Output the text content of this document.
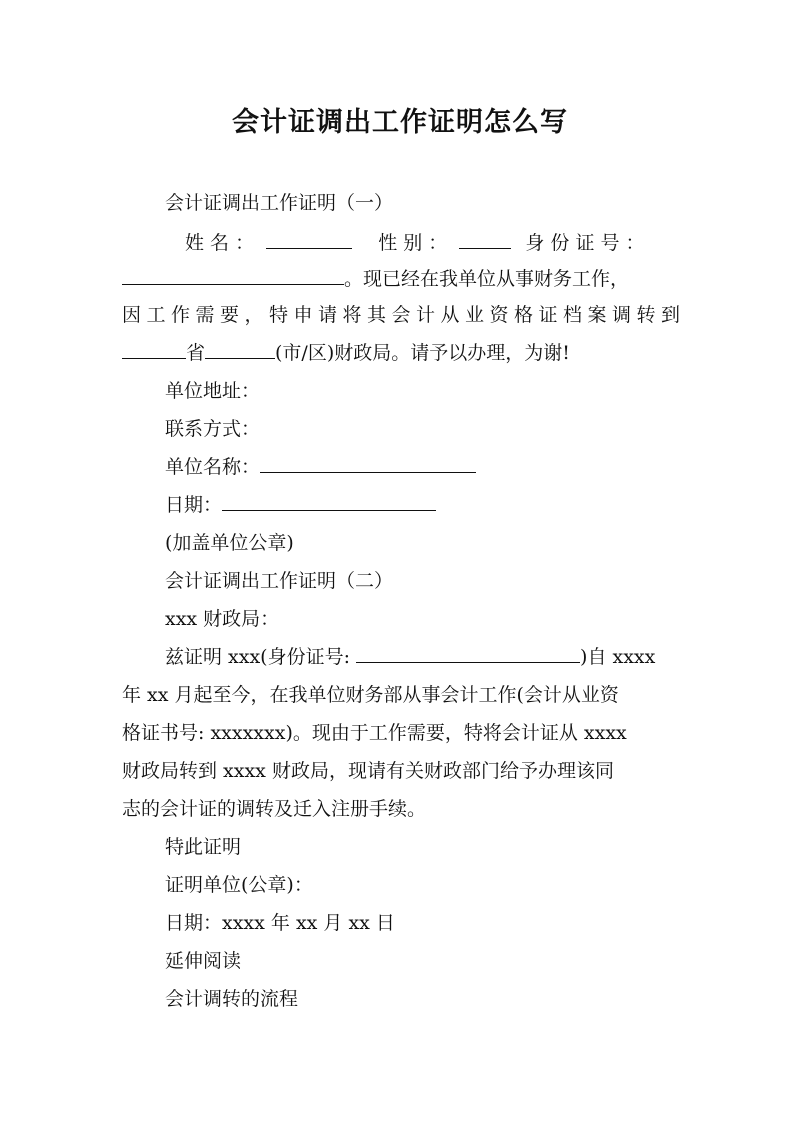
会计证调出工作证明怎么写
会计证调出工作证明（一）
姓 名 ：	性 别 ：	身 份 证 号 ：
。现已经在我单位从事财务工作，
因工作需要，特申请将其会计从业资格证档案调转到
省	(市/区)财政局。请予以办理，为谢!
单位地址：
联系方式：
单位名称：
日期：
(加盖单位公章)
会计证调出工作证明（二）
xxx 财政局：
兹证明 xxx(身份证号:	)自 xxxx
年 xx 月起至今，在我单位财务部从事会计工作(会计从业资
格证书号: xxxxxxx)。现由于工作需要，特将会计证从 xxxx
财政局转到 xxxx 财政局，现请有关财政部门给予办理该同
志的会计证的调转及迁入注册手续。
特此证明
证明单位(公章)：
日期：xxxx 年 xx 月 xx 日
延伸阅读
会计调转的流程
